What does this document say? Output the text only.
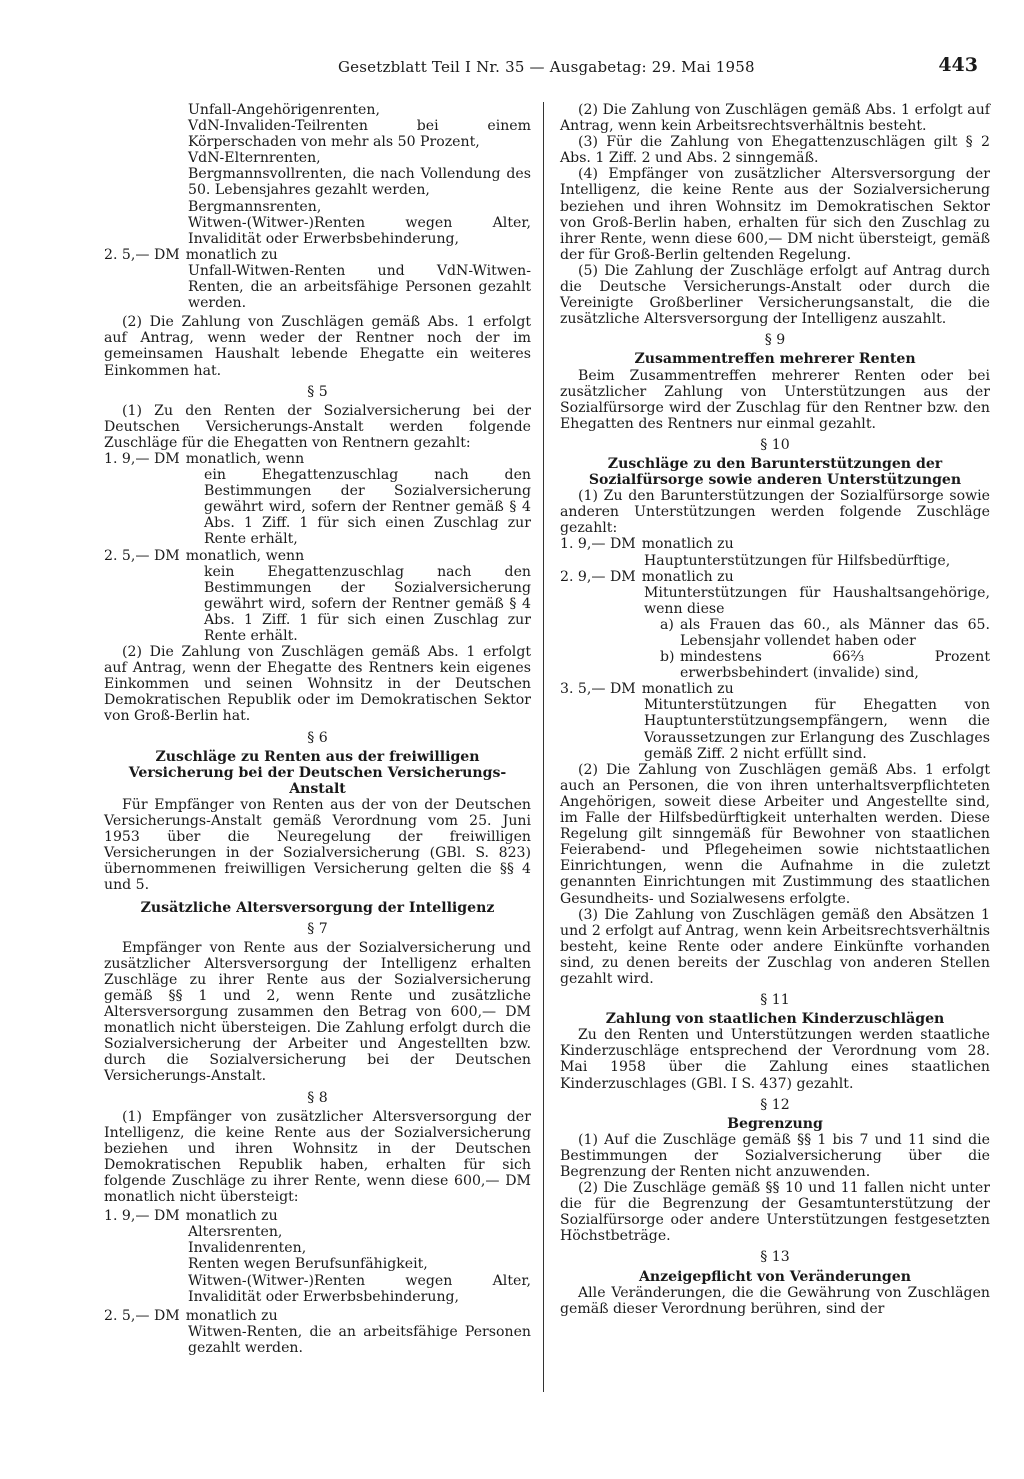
Gesetzblatt Teil I Nr. 35 — Ausgabetag: 29. Mai 1958	443

Unfall-Angehörigenrenten,

VdN-Invaliden-Teilrenten bei einem Körperschaden von mehr als 50 Prozent,

VdN-Elternrenten,

Bergmannsvollrenten, die nach Vollendung des 50. Lebensjahres gezahlt werden,

Bergmannsrenten,

Witwen-(Witwer-)Renten wegen Alter, Invalidität oder Erwerbsbehinderung,

2. 5,— DM monatlich zu

Unfall-Witwen-Renten und VdN-Witwen-Renten, die an arbeitsfähige Personen gezahlt werden.

(2) Die Zahlung von Zuschlägen gemäß Abs. 1 erfolgt auf Antrag, wenn weder der Rentner noch der im gemeinsamen Haushalt lebende Ehegatte ein weiteres Einkommen hat.

§ 5

(1) Zu den Renten der Sozialversicherung bei der Deutschen Versicherungs-Anstalt werden folgende Zuschläge für die Ehegatten von Rentnern gezahlt:

1. 9,— DM monatlich, wenn

ein Ehegattenzuschlag nach den Bestimmungen der Sozialversicherung gewährt wird, sofern der Rentner gemäß § 4 Abs. 1 Ziff. 1 für sich einen Zuschlag zur Rente erhält,

2. 5,— DM monatlich, wenn

kein Ehegattenzuschlag nach den Bestimmungen der Sozialversicherung gewährt wird, sofern der Rentner gemäß § 4 Abs. 1 Ziff. 1 für sich einen Zuschlag zur Rente erhält.

(2) Die Zahlung von Zuschlägen gemäß Abs. 1 erfolgt auf Antrag, wenn der Ehegatte des Rentners kein eigenes Einkommen und seinen Wohnsitz in der Deutschen Demokratischen Republik oder im Demokratischen Sektor von Groß-Berlin hat.

§ 6

Zuschläge zu Renten aus der freiwilligen Versicherung bei der Deutschen Versicherungs-Anstalt

Für Empfänger von Renten aus der von der Deutschen Versicherungs-Anstalt gemäß Verordnung vom 25. Juni 1953 über die Neuregelung der freiwilligen Versicherungen in der Sozialversicherung (GBl. S. 823) übernommenen freiwilligen Versicherung gelten die §§ 4 und 5.

Zusätzliche Altersversorgung der Intelligenz

§ 7

Empfänger von Rente aus der Sozialversicherung und zusätzlicher Altersversorgung der Intelligenz erhalten Zuschläge zu ihrer Rente aus der Sozialversicherung gemäß §§ 1 und 2, wenn Rente und zusätzliche Altersversorgung zusammen den Betrag von 600,— DM monatlich nicht übersteigen. Die Zahlung erfolgt durch die Sozialversicherung der Arbeiter und Angestellten bzw. durch die Sozialversicherung bei der Deutschen Versicherungs-Anstalt.

§ 8

(1) Empfänger von zusätzlicher Altersversorgung der Intelligenz, die keine Rente aus der Sozialversicherung beziehen und ihren Wohnsitz in der Deutschen Demokratischen Republik haben, erhalten für sich folgende Zuschläge zu ihrer Rente, wenn diese 600,— DM monatlich nicht übersteigt:

1. 9,— DM monatlich zu

Altersrenten,

Invalidenrenten,

Renten wegen Berufsunfähigkeit,

Witwen-(Witwer-)Renten wegen Alter, Invalidität oder Erwerbsbehinderung,

2. 5,— DM monatlich zu

Witwen-Renten, die an arbeitsfähige Personen gezahlt werden.

(2) Die Zahlung von Zuschlägen gemäß Abs. 1 erfolgt auf Antrag, wenn kein Arbeitsrechtsverhältnis besteht.

(3) Für die Zahlung von Ehegattenzuschlägen gilt § 2 Abs. 1 Ziff. 2 und Abs. 2 sinngemäß.

(4) Empfänger von zusätzlicher Altersversorgung der Intelligenz, die keine Rente aus der Sozialversicherung beziehen und ihren Wohnsitz im Demokratischen Sektor von Groß-Berlin haben, erhalten für sich den Zuschlag zu ihrer Rente, wenn diese 600,— DM nicht übersteigt, gemäß der für Groß-Berlin geltenden Regelung.

(5) Die Zahlung der Zuschläge erfolgt auf Antrag durch die Deutsche Versicherungs-Anstalt oder durch die Vereinigte Großberliner Versicherungsanstalt, die die zusätzliche Altersversorgung der Intelligenz auszahlt.

§ 9

Zusammentreffen mehrerer Renten

Beim Zusammentreffen mehrerer Renten oder bei zusätzlicher Zahlung von Unterstützungen aus der Sozialfürsorge wird der Zuschlag für den Rentner bzw. den Ehegatten des Rentners nur einmal gezahlt.

§ 10

Zuschläge zu den Barunterstützungen der Sozialfürsorge sowie anderen Unterstützungen

(1) Zu den Barunterstützungen der Sozialfürsorge sowie anderen Unterstützungen werden folgende Zuschläge gezahlt:

1. 9,— DM monatlich zu

Hauptunterstützungen für Hilfsbedürftige,

2. 9,— DM monatlich zu

Mitunterstützungen für Haushaltsangehörige, wenn diese

a) als Frauen das 60., als Männer das 65. Lebensjahr vollendet haben oder
b) mindestens 66⅔ Prozent erwerbsbehindert (invalide) sind,
3. 5,— DM monatlich zu

Mitunterstützungen für Ehegatten von Hauptunterstützungsempfängern, wenn die Voraussetzungen zur Erlangung des Zuschlages gemäß Ziff. 2 nicht erfüllt sind.

(2) Die Zahlung von Zuschlägen gemäß Abs. 1 erfolgt auch an Personen, die von ihren unterhaltsverpflichteten Angehörigen, soweit diese Arbeiter und Angestellte sind, im Falle der Hilfsbedürftigkeit unterhalten werden. Diese Regelung gilt sinngemäß für Bewohner von staatlichen Feierabend- und Pflegeheimen sowie nichtstaatlichen Einrichtungen, wenn die Aufnahme in die zuletzt genannten Einrichtungen mit Zustimmung des staatlichen Gesundheits- und Sozialwesens erfolgte.

(3) Die Zahlung von Zuschlägen gemäß den Absätzen 1 und 2 erfolgt auf Antrag, wenn kein Arbeitsrechtsverhältnis besteht, keine Rente oder andere Einkünfte vorhanden sind, zu denen bereits der Zuschlag von anderen Stellen gezahlt wird.

§ 11

Zahlung von staatlichen Kinderzuschlägen

Zu den Renten und Unterstützungen werden staatliche Kinderzuschläge entsprechend der Verordnung vom 28. Mai 1958 über die Zahlung eines staatlichen Kinderzuschlages (GBl. I S. 437) gezahlt.

§ 12

Begrenzung

(1) Auf die Zuschläge gemäß §§ 1 bis 7 und 11 sind die Bestimmungen der Sozialversicherung über die Begrenzung der Renten nicht anzuwenden.

(2) Die Zuschläge gemäß §§ 10 und 11 fallen nicht unter die für die Begrenzung der Gesamtunterstützung der Sozialfürsorge oder andere Unterstützungen festgesetzten Höchstbeträge.

§ 13

Anzeigepflicht von Veränderungen

Alle Veränderungen, die die Gewährung von Zuschlägen gemäß dieser Verordnung berühren, sind der
